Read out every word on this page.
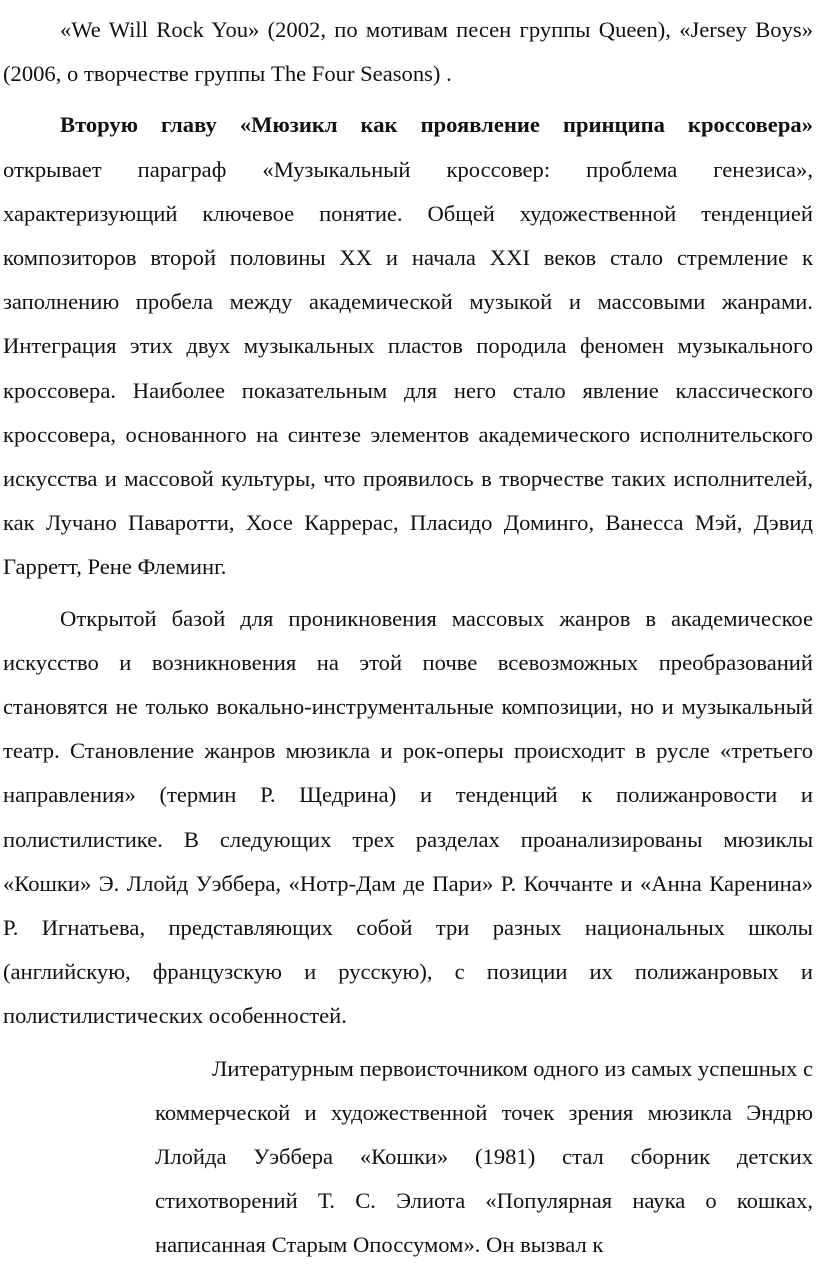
«We Will Rock You» (2002, по мотивам песен группы Queen), «Jersey Boys» (2006, о творчестве группы The Four Seasons) .

Вторую главу «Мюзикл как проявление принципа кроссовера» открывает параграф «Музыкальный кроссовер: проблема генезиса», характеризующий ключевое понятие. Общей художественной тенденцией композиторов второй половины XX и начала XXI веков стало стремление к заполнению пробела между академической музыкой и массовыми жанрами. Интеграция этих двух музыкальных пластов породила феномен музыкального кроссовера. Наиболее показательным для него стало явление классического кроссовера, основанного на синтезе элементов академического исполнительского искусства и массовой культуры, что проявилось в творчестве таких исполнителей, как Лучано Паваротти, Хосе Каррерас, Пласидо Доминго, Ванесса Мэй, Дэвид Гарретт, Рене Флеминг.

Открытой базой для проникновения массовых жанров в академическое искусство и возникновения на этой почве всевозможных преобразований становятся не только вокально-инструментальные композиции, но и музыкальный театр. Становление жанров мюзикла и рок-оперы происходит в русле «третьего направления» (термин Р. Щедрина) и тенденций к полижанровости и полистилистике. В следующих трех разделах проанализированы мюзиклы «Кошки» Э. Ллойд Уэббера, «Нотр-Дам де Пари» Р. Коччанте и «Анна Каренина» Р. Игнатьева, представляющих собой три разных национальных школы (английскую, французскую и русскую), с позиции их полижанровых и полистилистических особенностей.

Литературным первоисточником одного из самых успешных с коммерческой и художественной точек зрения мюзикла Эндрю Ллойда Уэббера «Кошки» (1981) стал сборник детских стихотворений Т. С. Элиота «Популярная наука о кошках, написанная Старым Опоссумом». Он вызвал к
